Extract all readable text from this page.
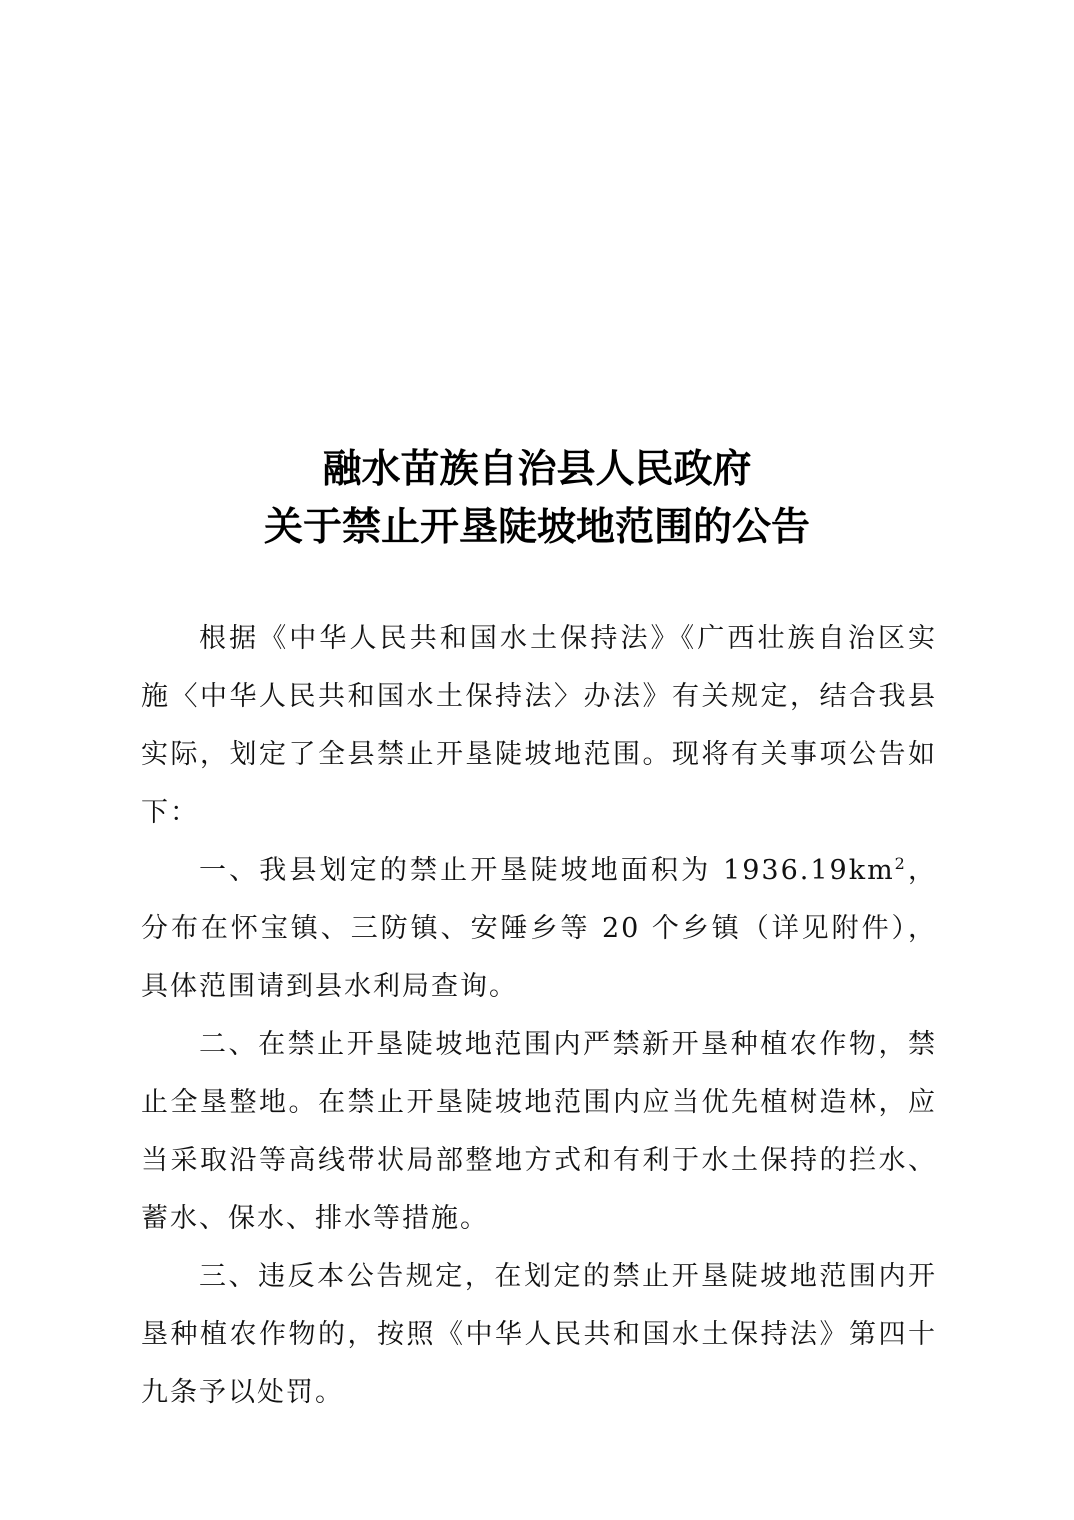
融水苗族自治县人民政府
关于禁止开垦陡坡地范围的公告

根据《中华人民共和国水土保持法》《广西壮族自治区实施〈中华人民共和国水土保持法〉办法》有关规定，结合我县实际，划定了全县禁止开垦陡坡地范围。现将有关事项公告如下：

一、我县划定的禁止开垦陡坡地面积为 $1936.19km^2$，分布在怀宝镇、三防镇、安陲乡等 20 个乡镇（详见附件），具体范围请到县水利局查询。

二、在禁止开垦陡坡地范围内严禁新开垦种植农作物，禁止全垦整地。在禁止开垦陡坡地范围内应当优先植树造林，应当采取沿等高线带状局部整地方式和有利于水土保持的拦水、蓄水、保水、排水等措施。

三、违反本公告规定，在划定的禁止开垦陡坡地范围内开垦种植农作物的，按照《中华人民共和国水土保持法》第四十九条予以处罚。
